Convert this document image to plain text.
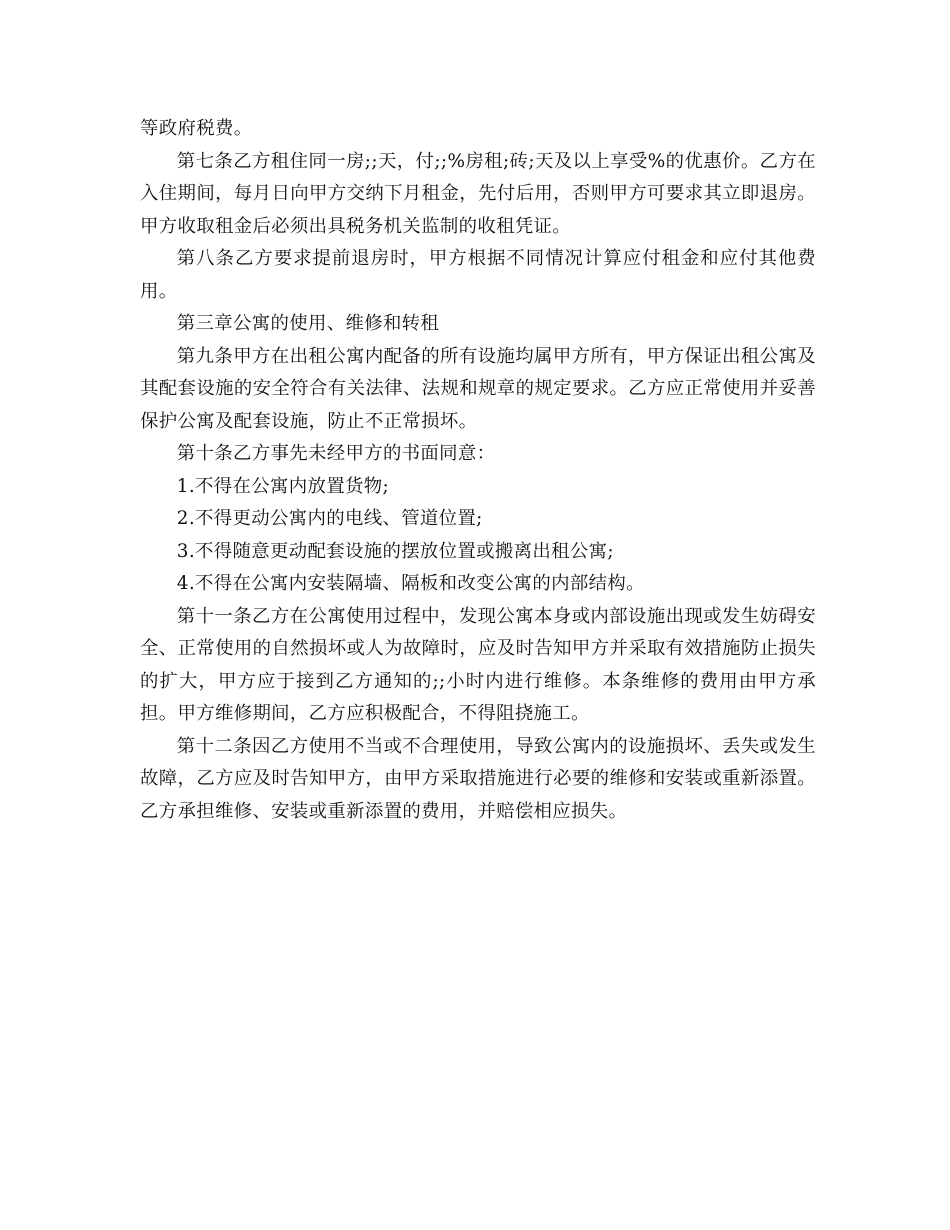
等政府税费。

第七条乙方租住同一房;;天，付;;%房租;砖;天及以上享受%的优惠价。乙方在入住期间，每月日向甲方交纳下月租金，先付后用，否则甲方可要求其立即退房。甲方收取租金后必须出具税务机关监制的收租凭证。

第八条乙方要求提前退房时，甲方根据不同情况计算应付租金和应付其他费用。

第三章公寓的使用、维修和转租

第九条甲方在出租公寓内配备的所有设施均属甲方所有，甲方保证出租公寓及其配套设施的安全符合有关法律、法规和规章的规定要求。乙方应正常使用并妥善保护公寓及配套设施，防止不正常损坏。

第十条乙方事先未经甲方的书面同意：

1.不得在公寓内放置货物;

2.不得更动公寓内的电线、管道位置;

3.不得随意更动配套设施的摆放位置或搬离出租公寓;

4.不得在公寓内安装隔墙、隔板和改变公寓的内部结构。

第十一条乙方在公寓使用过程中，发现公寓本身或内部设施出现或发生妨碍安全、正常使用的自然损坏或人为故障时，应及时告知甲方并采取有效措施防止损失的扩大，甲方应于接到乙方通知的;;小时内进行维修。本条维修的费用由甲方承担。甲方维修期间，乙方应积极配合，不得阻挠施工。

第十二条因乙方使用不当或不合理使用，导致公寓内的设施损坏、丢失或发生故障，乙方应及时告知甲方，由甲方采取措施进行必要的维修和安装或重新添置。乙方承担维修、安装或重新添置的费用，并赔偿相应损失。
